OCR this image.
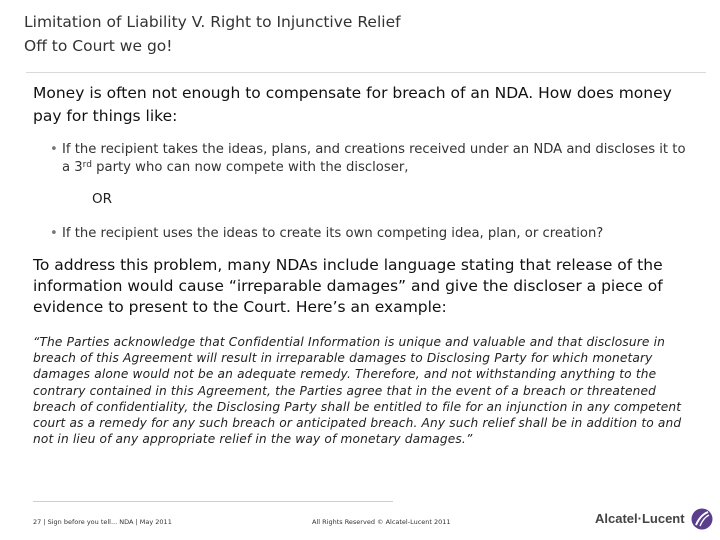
Limitation of Liability V. Right to Injunctive Relief
Off to Court we go!
Money is often not enough to compensate for breach of an NDA. How does money pay for things like:
• If the recipient takes the ideas, plans, and creations received under an NDA and discloses it to a 3rd party who can now compete with the discloser,
OR
• If the recipient uses the ideas to create its own competing idea, plan, or creation?
To address this problem, many NDAs include language stating that release of the information would cause “irreparable damages” and give the discloser a piece of evidence to present to the Court. Here’s an example:
“The Parties acknowledge that Confidential Information is unique and valuable and that disclosure in breach of this Agreement will result in irreparable damages to Disclosing Party for which monetary damages alone would not be an adequate remedy. Therefore, and not withstanding anything to the contrary contained in this Agreement, the Parties agree that in the event of a breach or threatened breach of confidentiality, the Disclosing Party shall be entitled to file for an injunction in any competent court as a remedy for any such breach or anticipated breach. Any such relief shall be in addition to and not in lieu of any appropriate relief in the way of monetary damages.”
27 | Sign before you tell... NDA | May 2011	All Rights Reserved © Alcatel-Lucent 2011	Alcatel·Lucent
